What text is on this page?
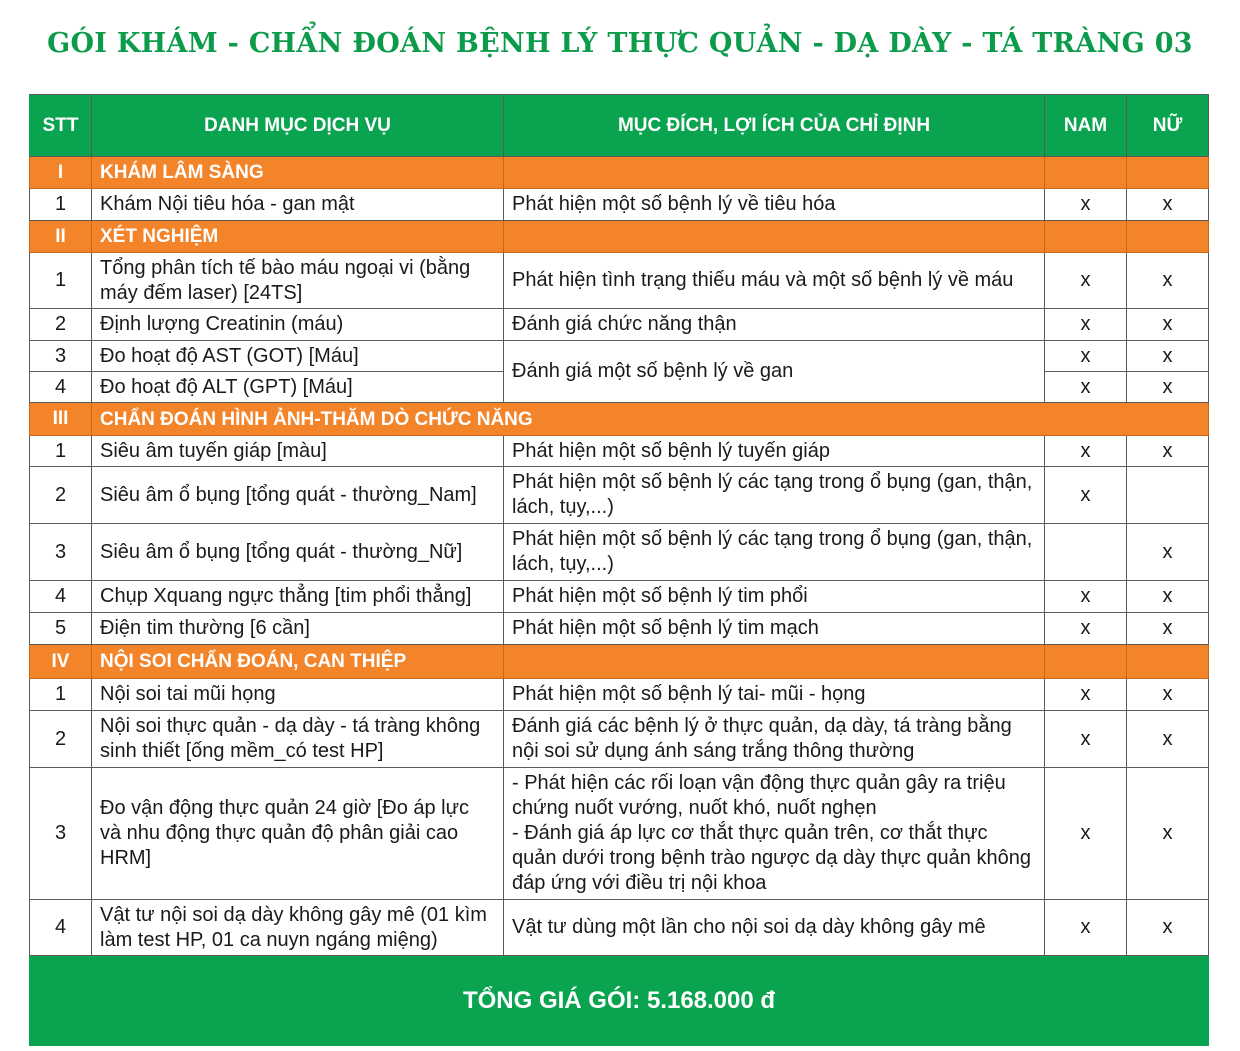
GÓI KHÁM - CHẨN ĐOÁN BỆNH LÝ THỰC QUẢN - DẠ DÀY - TÁ TRÀNG 03
STT	DANH MỤC DỊCH VỤ	MỤC ĐÍCH, LỢI ÍCH CỦA CHỈ ĐỊNH	NAM	NỮ
I	KHÁM LÂM SÀNG			
1	Khám Nội tiêu hóa - gan mật	Phát hiện một số bệnh lý về tiêu hóa	x	x
II	XÉT NGHIỆM			
1	Tổng phân tích tế bào máu ngoại vi (bằng máy đếm laser) [24TS]	Phát hiện tình trạng thiếu máu và một số bệnh lý về máu	x	x
2	Định lượng Creatinin (máu)	Đánh giá chức năng thận	x	x
3	Đo hoạt độ AST (GOT) [Máu]	Đánh giá một số bệnh lý về gan	x	x
4	Đo hoạt độ ALT (GPT) [Máu]		x	x
III	CHẨN ĐOÁN HÌNH ẢNH-THĂM DÒ CHỨC NĂNG			
1	Siêu âm tuyến giáp [màu]	Phát hiện một số bệnh lý tuyến giáp	x	x
2	Siêu âm ổ bụng [tổng quát - thường_Nam]	Phát hiện một số bệnh lý các tạng trong ổ bụng (gan, thận, lách, tụy,...)	x	
3	Siêu âm ổ bụng [tổng quát - thường_Nữ]	Phát hiện một số bệnh lý các tạng trong ổ bụng (gan, thận, lách, tụy,...)		x
4	Chụp Xquang ngực thẳng [tim phổi thẳng]	Phát hiện một số bệnh lý tim phổi	x	x
5	Điện tim thường [6 cần]	Phát hiện một số bệnh lý tim mạch	x	x
IV	NỘI SOI CHẨN ĐOÁN, CAN THIỆP			
1	Nội soi tai mũi họng	Phát hiện một số bệnh lý tai- mũi - họng	x	x
2	Nội soi thực quản - dạ dày - tá tràng không sinh thiết [ống mềm_có test HP]	Đánh giá các bệnh lý ở thực quản, dạ dày, tá tràng bằng nội soi sử dụng ánh sáng trắng thông thường	x	x
3	Đo vận động thực quản 24 giờ [Đo áp lực và nhu động thực quản độ phân giải cao HRM]	- Phát hiện các rối loạn vận động thực quản gây ra triệu chứng nuốt vướng, nuốt khó, nuốt nghẹn
- Đánh giá áp lực cơ thắt thực quản trên, cơ thắt thực quản dưới trong bệnh trào ngược dạ dày thực quản không đáp ứng với điều trị nội khoa	x	x
4	Vật tư nội soi dạ dày không gây mê (01 kìm làm test HP, 01 ca nuyn ngáng miệng)	Vật tư dùng một lần cho nội soi dạ dày không gây mê	x	x
TỔNG GIÁ GÓI: 5.168.000 đ				
